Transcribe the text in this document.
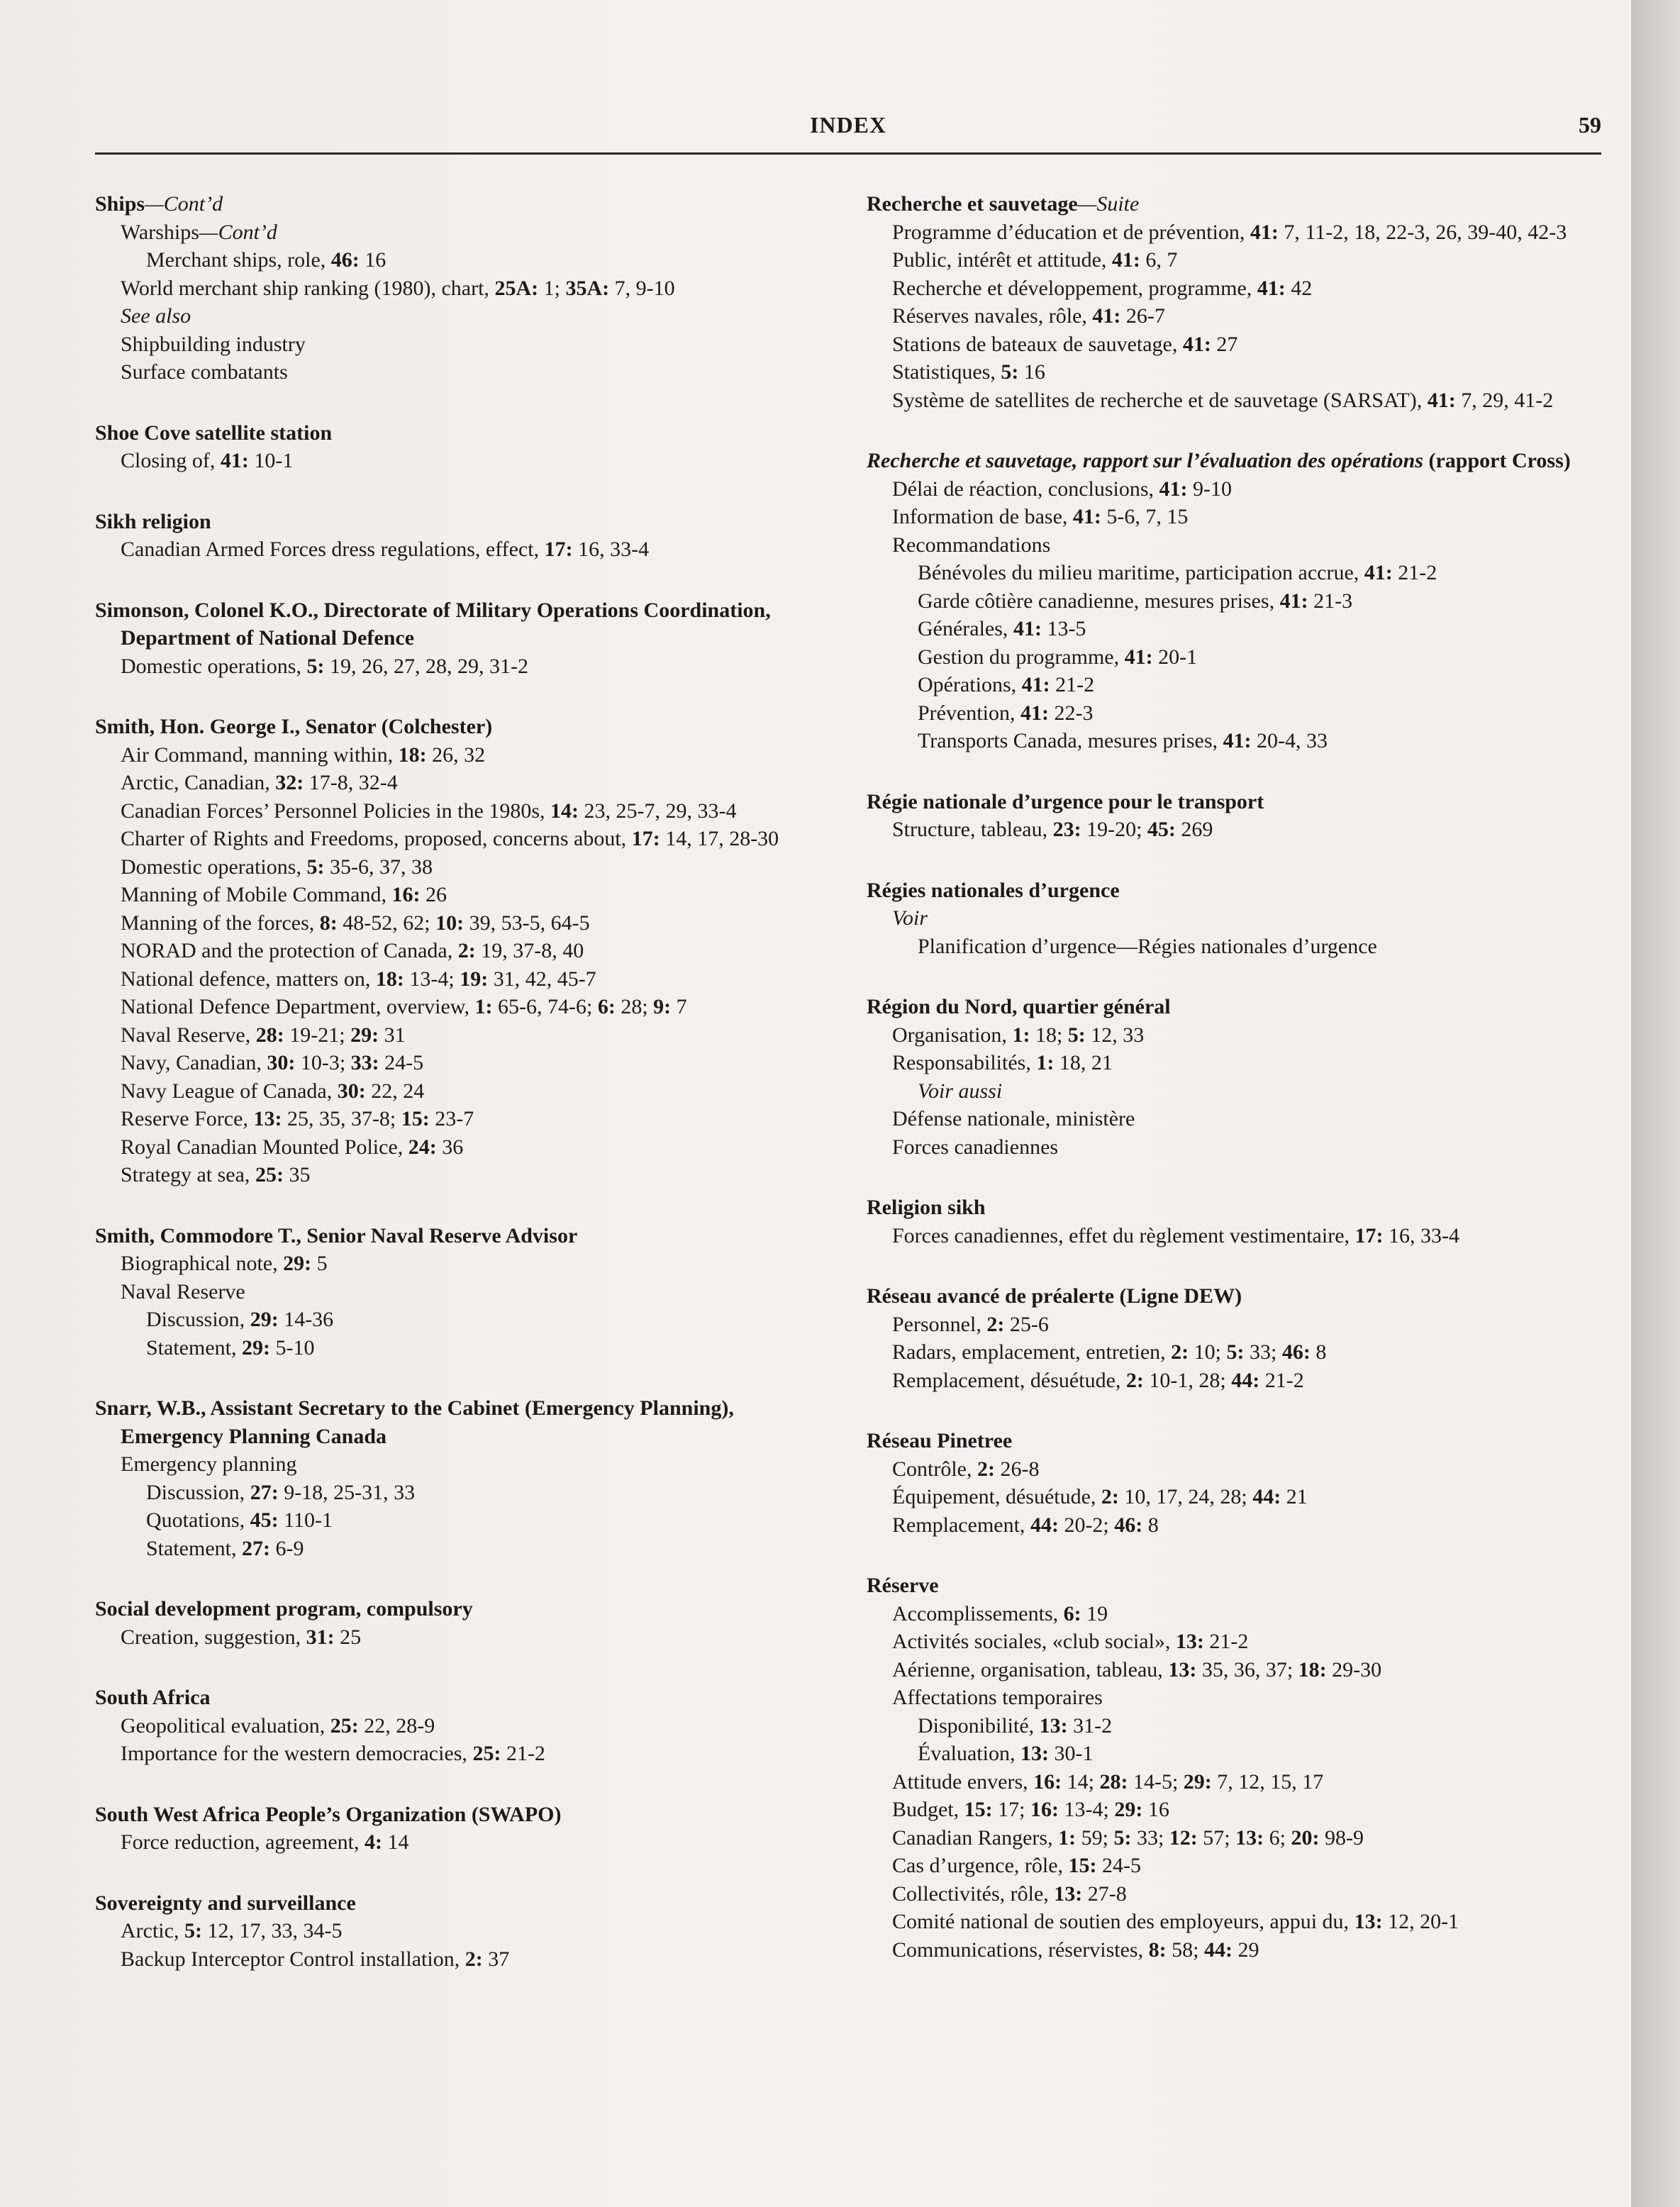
INDEX	59
Ships—Cont’d
Warships—Cont’d
Merchant ships, role, 46: 16
World merchant ship ranking (1980), chart, 25A: 1; 35A: 7, 9-10
See also
Shipbuilding industry
Surface combatants
Shoe Cove satellite station
Closing of, 41: 10-1
Sikh religion
Canadian Armed Forces dress regulations, effect, 17: 16, 33-4
Simonson, Colonel K.O., Directorate of Military Operations Coordination, Department of National Defence
Domestic operations, 5: 19, 26, 27, 28, 29, 31-2
Smith, Hon. George I., Senator (Colchester)
Air Command, manning within, 18: 26, 32
Arctic, Canadian, 32: 17-8, 32-4
Canadian Forces’ Personnel Policies in the 1980s, 14: 23, 25-7, 29, 33-4
Charter of Rights and Freedoms, proposed, concerns about, 17: 14, 17, 28-30
Domestic operations, 5: 35-6, 37, 38
Manning of Mobile Command, 16: 26
Manning of the forces, 8: 48-52, 62; 10: 39, 53-5, 64-5
NORAD and the protection of Canada, 2: 19, 37-8, 40
National defence, matters on, 18: 13-4; 19: 31, 42, 45-7
National Defence Department, overview, 1: 65-6, 74-6; 6: 28; 9: 7
Naval Reserve, 28: 19-21; 29: 31
Navy, Canadian, 30: 10-3; 33: 24-5
Navy League of Canada, 30: 22, 24
Reserve Force, 13: 25, 35, 37-8; 15: 23-7
Royal Canadian Mounted Police, 24: 36
Strategy at sea, 25: 35
Smith, Commodore T., Senior Naval Reserve Advisor
Biographical note, 29: 5
Naval Reserve
Discussion, 29: 14-36
Statement, 29: 5-10
Snarr, W.B., Assistant Secretary to the Cabinet (Emergency Planning), Emergency Planning Canada
Emergency planning
Discussion, 27: 9-18, 25-31, 33
Quotations, 45: 110-1
Statement, 27: 6-9
Social development program, compulsory
Creation, suggestion, 31: 25
South Africa
Geopolitical evaluation, 25: 22, 28-9
Importance for the western democracies, 25: 21-2
South West Africa People’s Organization (SWAPO)
Force reduction, agreement, 4: 14
Sovereignty and surveillance
Arctic, 5: 12, 17, 33, 34-5
Backup Interceptor Control installation, 2: 37
Recherche et sauvetage—Suite
Programme d’éducation et de prévention, 41: 7, 11-2, 18, 22-3, 26, 39-40, 42-3
Public, intérêt et attitude, 41: 6, 7
Recherche et développement, programme, 41: 42
Réserves navales, rôle, 41: 26-7
Stations de bateaux de sauvetage, 41: 27
Statistiques, 5: 16
Système de satellites de recherche et de sauvetage (SARSAT), 41: 7, 29, 41-2
Recherche et sauvetage, rapport sur l’évaluation des opérations (rapport Cross)
Délai de réaction, conclusions, 41: 9-10
Information de base, 41: 5-6, 7, 15
Recommandations
Bénévoles du milieu maritime, participation accrue, 41: 21-2
Garde côtière canadienne, mesures prises, 41: 21-3
Générales, 41: 13-5
Gestion du programme, 41: 20-1
Opérations, 41: 21-2
Prévention, 41: 22-3
Transports Canada, mesures prises, 41: 20-4, 33
Régie nationale d’urgence pour le transport
Structure, tableau, 23: 19-20; 45: 269
Régies nationales d’urgence
Voir
Planification d’urgence—Régies nationales d’urgence
Région du Nord, quartier général
Organisation, 1: 18; 5: 12, 33
Responsabilités, 1: 18, 21
Voir aussi
Défense nationale, ministère
Forces canadiennes
Religion sikh
Forces canadiennes, effet du règlement vestimentaire, 17: 16, 33-4
Réseau avancé de préalerte (Ligne DEW)
Personnel, 2: 25-6
Radars, emplacement, entretien, 2: 10; 5: 33; 46: 8
Remplacement, désuétude, 2: 10-1, 28; 44: 21-2
Réseau Pinetree
Contrôle, 2: 26-8
Équipement, désuétude, 2: 10, 17, 24, 28; 44: 21
Remplacement, 44: 20-2; 46: 8
Réserve
Accomplissements, 6: 19
Activités sociales, «club social», 13: 21-2
Aérienne, organisation, tableau, 13: 35, 36, 37; 18: 29-30
Affectations temporaires
Disponibilité, 13: 31-2
Évaluation, 13: 30-1
Attitude envers, 16: 14; 28: 14-5; 29: 7, 12, 15, 17
Budget, 15: 17; 16: 13-4; 29: 16
Canadian Rangers, 1: 59; 5: 33; 12: 57; 13: 6; 20: 98-9
Cas d’urgence, rôle, 15: 24-5
Collectivités, rôle, 13: 27-8
Comité national de soutien des employeurs, appui du, 13: 12, 20-1
Communications, réservistes, 8: 58; 44: 29
